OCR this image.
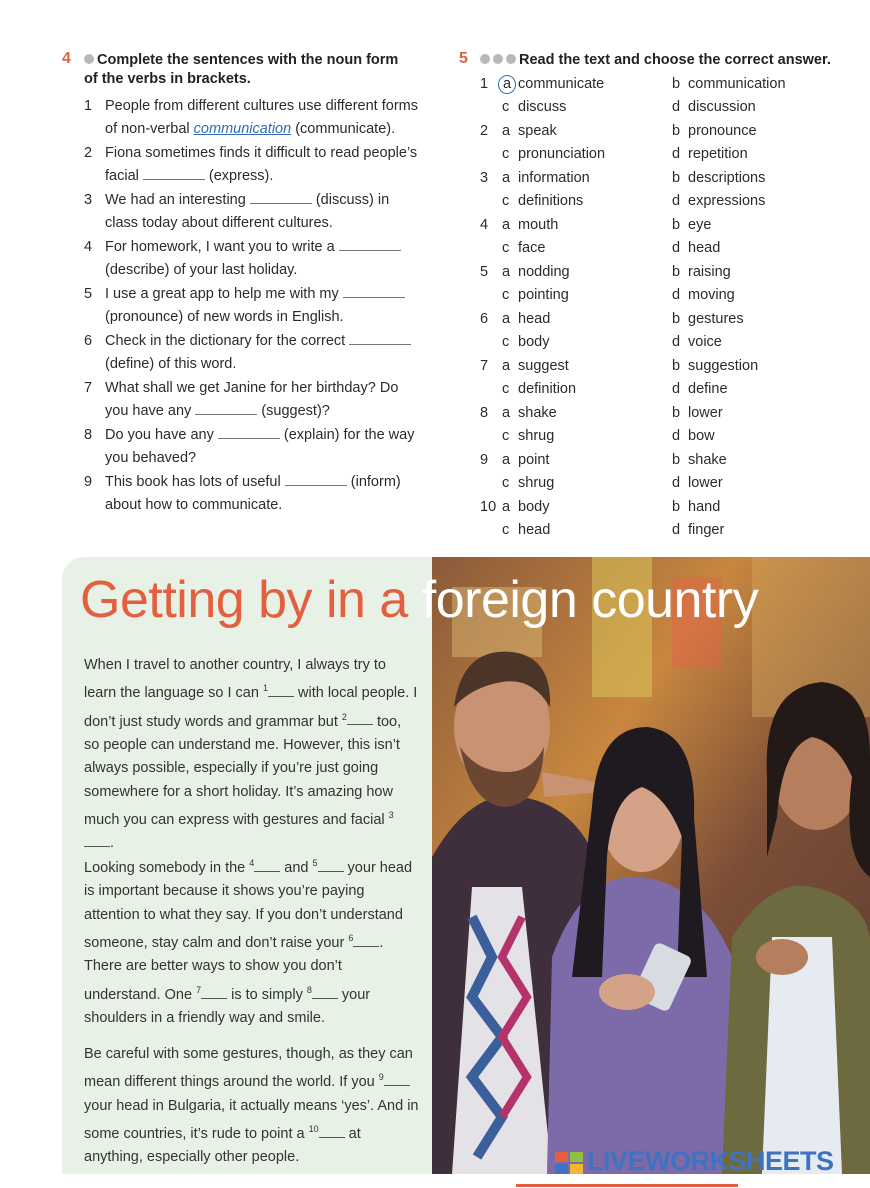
4	Complete the sentences with the noun form of the verbs in brackets.
1 People from different cultures use different forms of non-verbal communication (communicate).
2 Fiona sometimes finds it difficult to read people’s facial	(express).
3 We had an interesting	(discuss) in class today about different cultures.
4 For homework, I want you to write a  (describe) of your last holiday.
5 I use a great app to help me with my  (pronounce) of new words in English.
6 Check in the dictionary for the correct  (define) of this word.
7 What shall we get Janine for her birthday? Do you have any	(suggest)?
8 Do you have any	(explain) for the way you behaved?
9 This book has lots of useful	(inform) about how to communicate.
5	Read the text and choose the correct answer.
1	a communicate	b communication
c discuss	d discussion
2 a speak	b pronounce
c pronunciation	d repetition
3 a information	b descriptions
c definitions	d expressions
4 a mouth	b eye
c face	d head
5 a nodding	b raising
c pointing	d moving
6 a head	b gestures
c body	d voice
7 a suggest	b suggestion
c definition	d define
8 a shake	b lower
c shrug	d bow
9 a point	b shake
c shrug	d lower
10 a body	b hand
c head	d finger
Getting by in a foreign country

When I travel to another country, I always try to learn the language so I can $^1$ with local people. I don’t just study words and grammar but $^2$ too, so people can understand me. However, this isn’t always possible, especially if you’re just going somewhere for a short holiday. It’s amazing how much you can express with gestures and facial $^3$.

Looking somebody in the $^4$ and $^5$ your head is important because it shows you’re paying attention to what they say. If you don’t understand someone, stay calm and don’t raise your $^6$ . There are better ways to show you don’t understand. One $^7$ is to simply $^8$ your shoulders in a friendly way and smile.

Be careful with some gestures, though, as they can mean different things around the world. If you $^9$ your head in Bulgaria, it actually means ‘yes’. And in some countries, it’s rude to point a $^{10}$ at anything, especially other people.	LIVEWORKSHEETS
